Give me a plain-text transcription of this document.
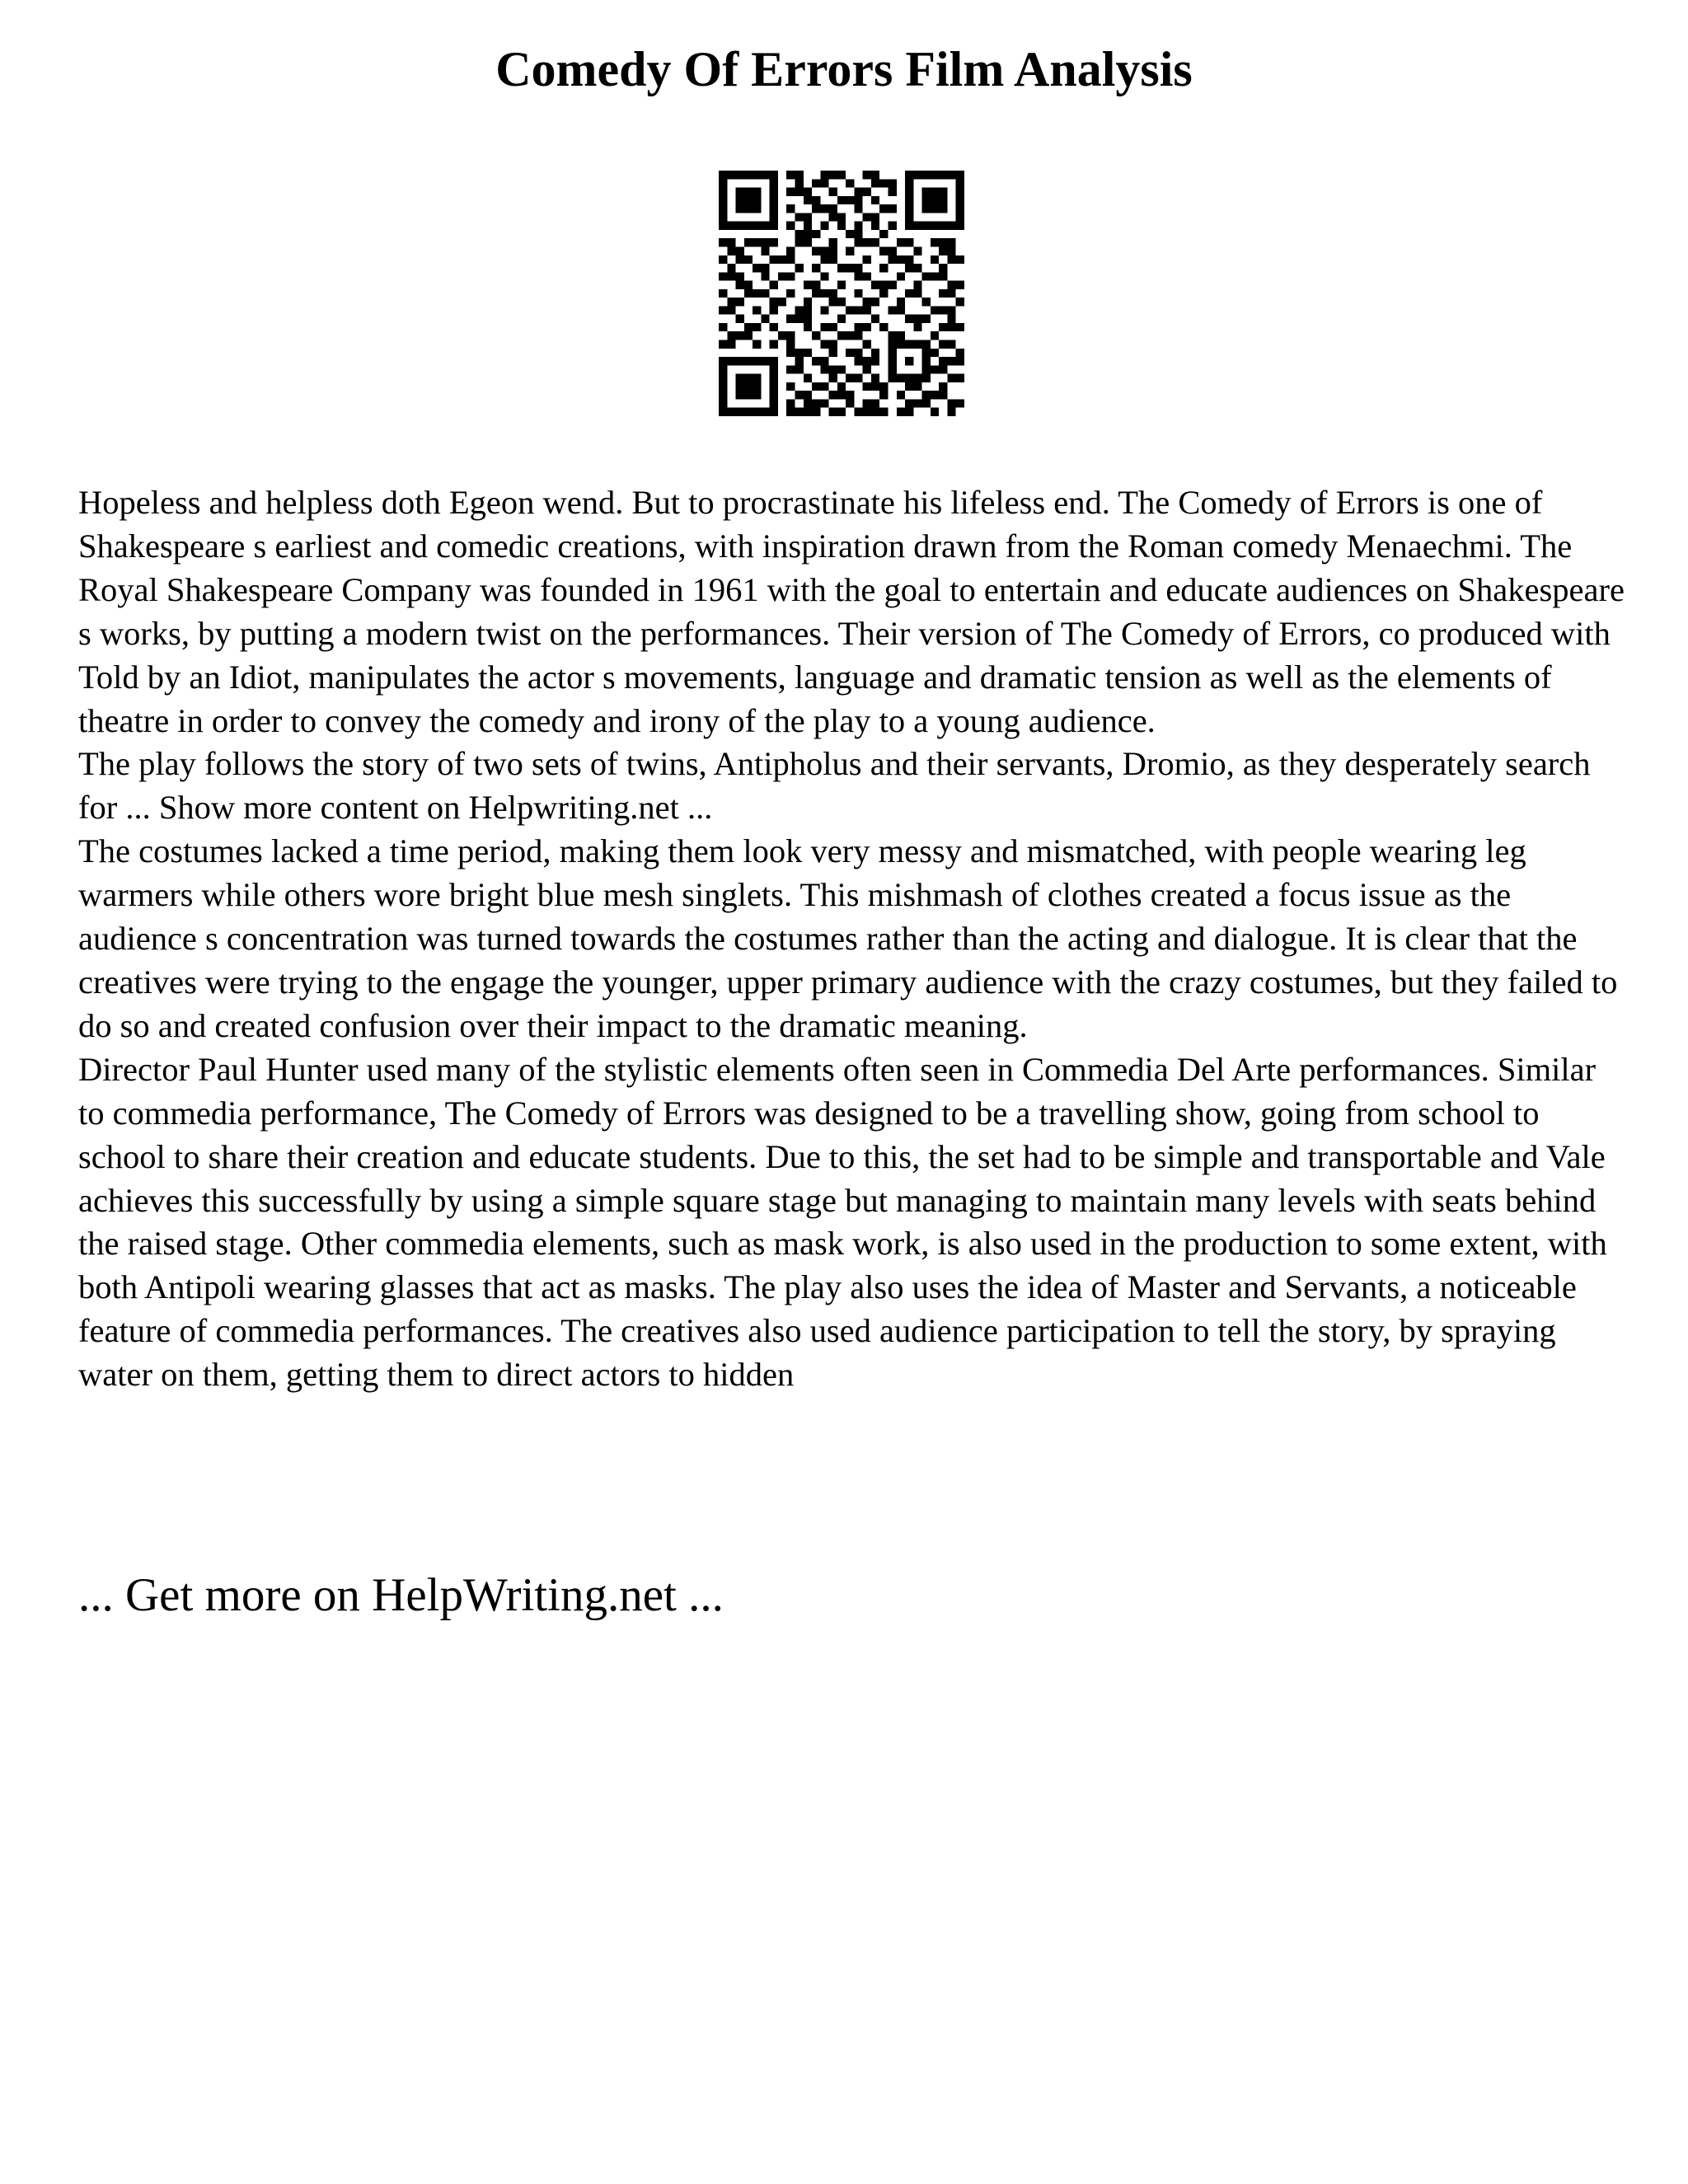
Comedy Of Errors Film Analysis

Hopeless and helpless doth Egeon wend. But to procrastinate his lifeless end. The Comedy of Errors is one of Shakespeare s earliest and comedic creations, with inspiration drawn from the Roman comedy Menaechmi. The Royal Shakespeare Company was founded in 1961 with the goal to entertain and educate audiences on Shakespeare s works, by putting a modern twist on the performances. Their version of The Comedy of Errors, co produced with Told by an Idiot, manipulates the actor s movements, language and dramatic tension as well as the elements of theatre in order to convey the comedy and irony of the play to a young audience.

The play follows the story of two sets of twins, Antipholus and their servants, Dromio, as they desperately search for ... Show more content on Helpwriting.net ...

The costumes lacked a time period, making them look very messy and mismatched, with people wearing leg warmers while others wore bright blue mesh singlets. This mishmash of clothes created a focus issue as the audience s concentration was turned towards the costumes rather than the acting and dialogue. It is clear that the creatives were trying to the engage the younger, upper primary audience with the crazy costumes, but they failed to do so and created confusion over their impact to the dramatic meaning.

Director Paul Hunter used many of the stylistic elements often seen in Commedia Del Arte performances. Similar to commedia performance, The Comedy of Errors was designed to be a travelling show, going from school to school to share their creation and educate students. Due to this, the set had to be simple and transportable and Vale achieves this successfully by using a simple square stage but managing to maintain many levels with seats behind the raised stage. Other commedia elements, such as mask work, is also used in the production to some extent, with both Antipoli wearing glasses that act as masks. The play also uses the idea of Master and Servants, a noticeable feature of commedia performances. The creatives also used audience participation to tell the story, by spraying water on them, getting them to direct actors to hidden

... Get more on HelpWriting.net ...
